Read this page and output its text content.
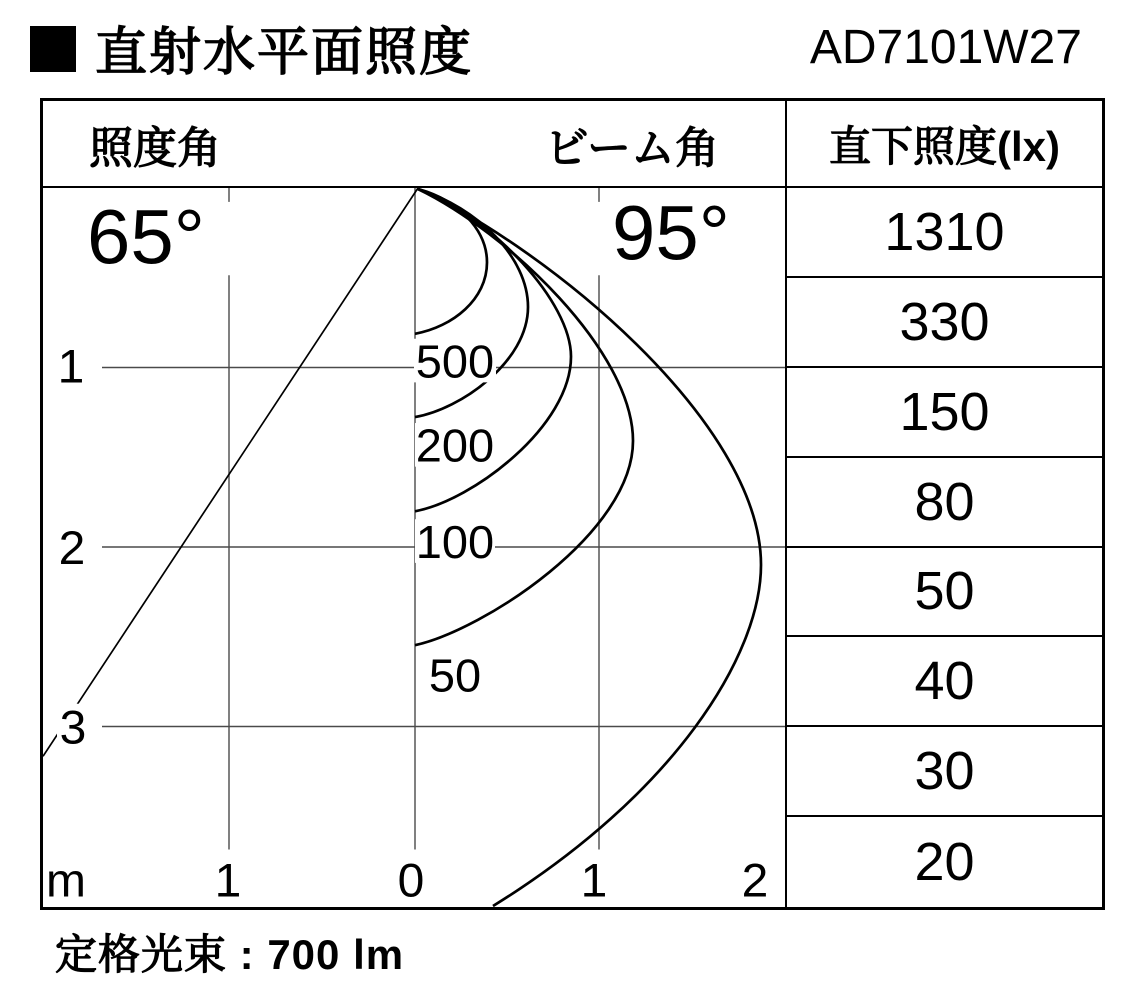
直射水平面照度	AD7101W27
照度角	ビーム角	直下照度(lx)
500
200
100
50
1
2
3
m	1	0	1	2
65°	95°	1310
330
150
80
50
40
30
20
定格光束 : 700 lm
